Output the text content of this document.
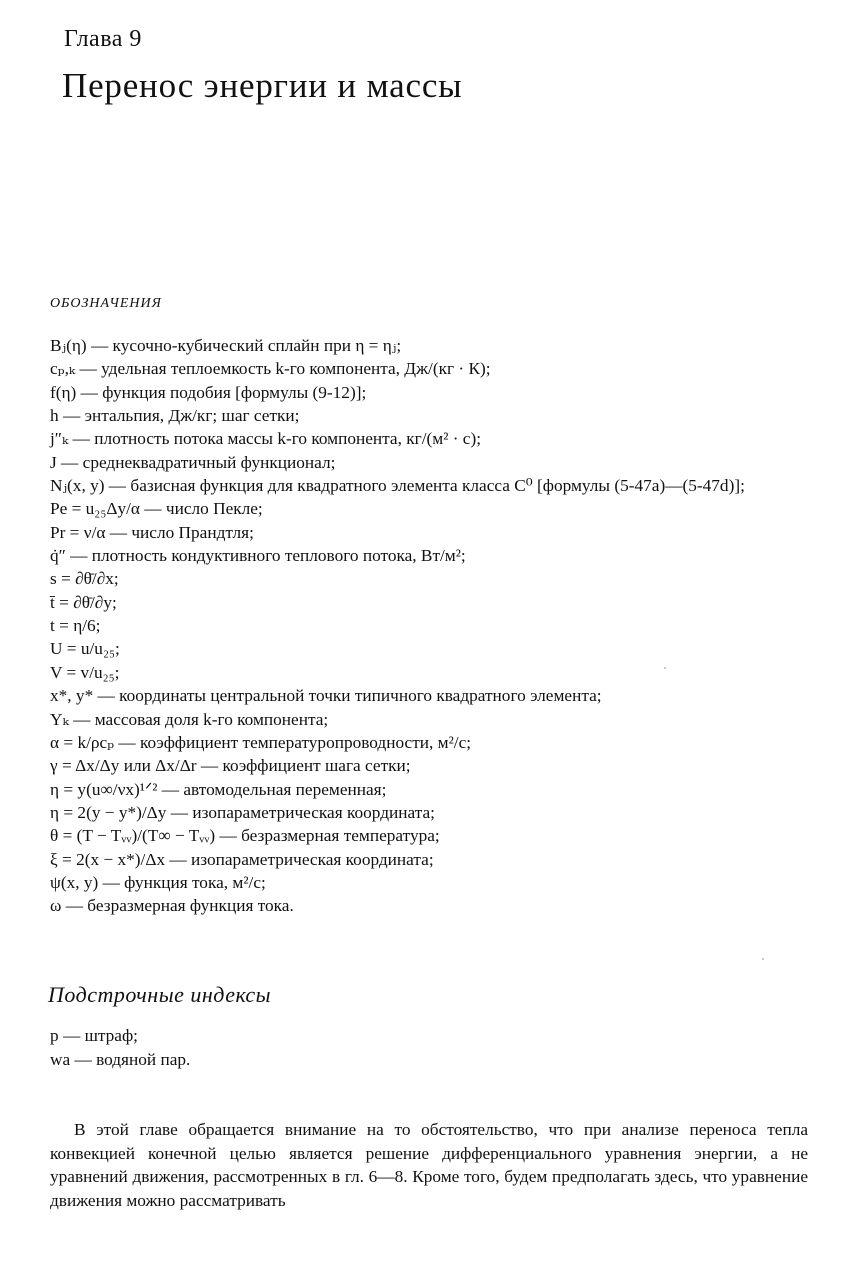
Глава 9
Перенос энергии и массы
ОБОЗНАЧЕНИЯ
Bⱼ(η) — кусочно-кубический сплайн при η = ηⱼ;
cₚ,ₖ — удельная теплоемкость k-го компонента, Дж/(кг · К);
f(η) — функция подобия [формулы (9-12)];
h — энтальпия, Дж/кг; шаг сетки;
j″ₖ — плотность потока массы k-го компонента, кг/(м² · с);
J — среднеквадратичный функционал;
Nⱼ(x, y) — базисная функция для квадратного элемента класса C⁰ [формулы (5-47a)—(5-47d)];
Pe = u₂₅Δy/α — число Пекле;
Pr = ν/α — число Прандтля;
q̇″ — плотность кондуктивного теплового потока, Вт/м²;
s = ∂θ̄/∂x;
t̄ = ∂θ̄/∂y;
t = η/6;
U = u/u₂₅;
V = v/u₂₅;
x*, y* — координаты центральной точки типичного квадратного элемента;
Yₖ — массовая доля k-го компонента;
α = k/ρcₚ — коэффициент температуропроводности, м²/с;
γ = Δx/Δy или Δx/Δr — коэффициент шага сетки;
η = y(u∞/νx)¹ᐟ² — автомодельная переменная;
η = 2(y − y*)/Δy — изопараметрическая координата;
θ = (T − Tᵥᵥ)/(T∞ − Tᵥᵥ) — безразмерная температура;
ξ = 2(x − x*)/Δx — изопараметрическая координата;
ψ(x, y) — функция тока, м²/с;
ω — безразмерная функция тока.
Подстрочные индексы
p — штраф;
wa — водяной пар.
В этой главе обращается внимание на то обстоятельство, что при анализе переноса тепла конвекцией конечной целью является решение дифференциального уравнения энергии, а не уравнений движения, рассмотренных в гл. 6—8. Кроме того, будем предполагать здесь, что уравнение движения можно рассматривать
